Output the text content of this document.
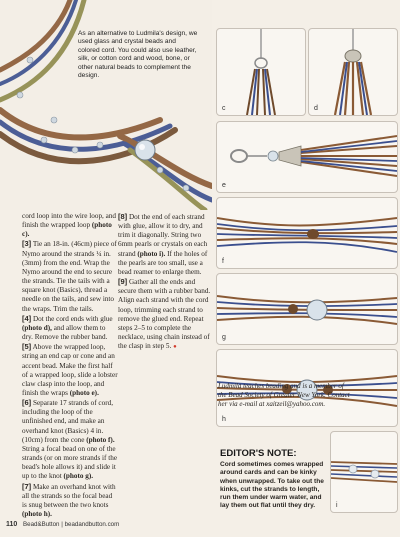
As an alternative to Ludmila's design, we used glass and crystal beads and colored cord. You could also use leather, silk, or cotton cord and wood, bone, or other natural beads to complement the design.
c	d
e
f
g
h
i

cord loop into the wire loop, and finish the wrapped loop (photo c).

[3] Tie an 18-in. (46cm) piece of Nymo around the strands ¼ in. (3mm) from the end. Wrap the Nymo around the end to secure the strands. Tie the tails with a square knot (Basics), thread a needle on the tails, and sew into the wraps. Trim the tails.

[4] Dot the cord ends with glue (photo d), and allow them to dry. Remove the rubber band.

[5] Above the wrapped loop, string an end cap or cone and an accent bead. Make the first half of a wrapped loop, slide a lobster claw clasp into the loop, and finish the wraps (photo e).

[6] Separate 17 strands of cord, including the loop of the unfinished end, and make an overhand knot (Basics) 4 in. (10cm) from the cone (photo f). String a focal bead on one of the strands (or on more strands if the bead's hole allows it) and slide it up to the knot (photo g).

[7] Make an overhand knot with all the strands so the focal bead is snug between the two knots (photo h).

[8] Dot the end of each strand with glue, allow it to dry, and trim it diagonally. String two 6mm pearls or crystals on each strand (photo i). If the holes of the pearls are too small, use a bead reamer to enlarge them.

[9] Gather all the ends and secure them with a rubber band. Align each strand with the cord loop, trimming each strand to remove the glued end. Repeat steps 2–5 to complete the necklace, using chain instead of the clasp in step 5. ●

Ludmila teaches beading and is a member of the Bead Society of Greater New York. Contact her via e-mail at xaitzeil@yahoo.com.
EDITOR'S NOTE:
Cord sometimes comes wrapped around cards and can be kinky when unwrapped. To take out the kinks, cut the strands to length, run them under warm water, and lay them out flat until they dry.
110 Bead&Button | beadandbutton.com
